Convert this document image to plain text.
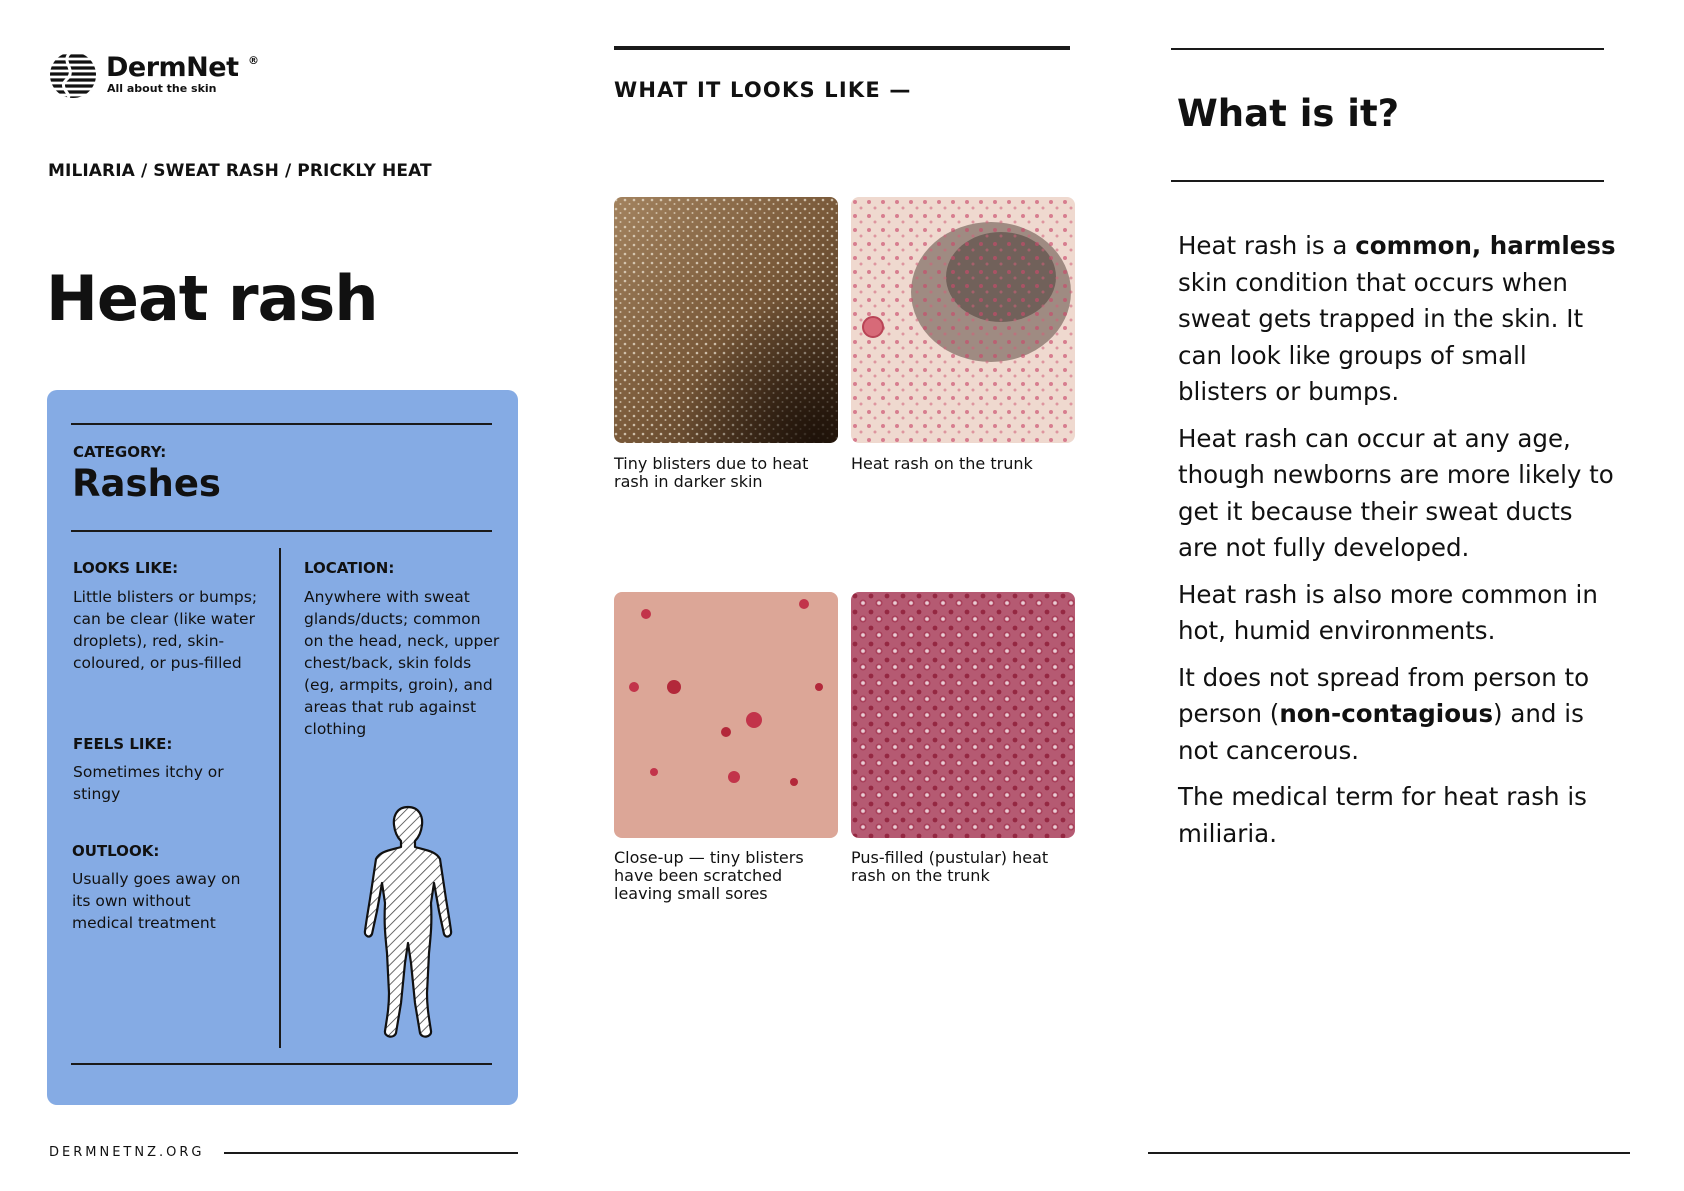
DermNet ®
All about the skin
MILIARIA / SWEAT RASH / PRICKLY HEAT
Heat rash
CATEGORY:
Rashes
LOOKS LIKE:
Little blisters or bumps; can be clear (like water droplets), red, skin-coloured, or pus-filled
FEELS LIKE:
Sometimes itchy or stingy
OUTLOOK:
Usually goes away on its own without medical treatment
LOCATION:
Anywhere with sweat glands/ducts; common on the head, neck, upper chest/back, skin folds (eg, armpits, groin), and areas that rub against clothing
DERMNETNZ.ORG
WHAT IT LOOKS LIKE —
Tiny blisters due to heat rash in darker skin
Heat rash on the trunk
Close-up — tiny blisters have been scratched leaving small sores
Pus-filled (pustular) heat rash on the trunk
What is it?

Heat rash is a common, harmless skin condition that occurs when sweat gets trapped in the skin. It can look like groups of small blisters or bumps.

Heat rash can occur at any age, though newborns are more likely to get it because their sweat ducts are not fully developed.

Heat rash is also more common in hot, humid environments.

It does not spread from person to person (non-contagious) and is not cancerous.

The medical term for heat rash is miliaria.
